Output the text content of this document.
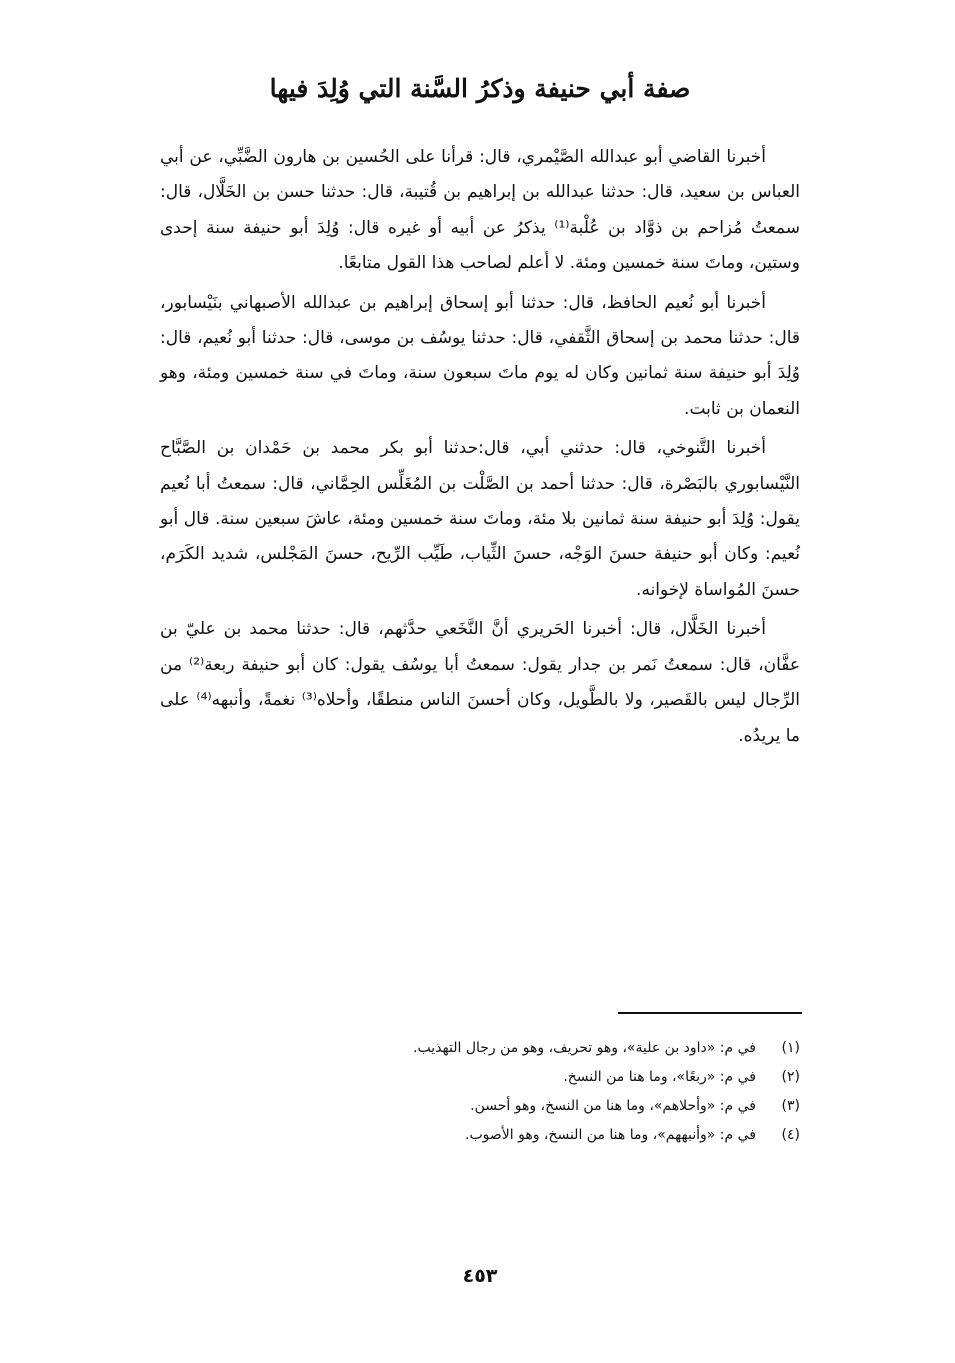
صفة أبي حنيفة وذكرُ السَّنة التي وُلِدَ فيها

أخبرنا القاضي أبو عبدالله الصَّيْمري، قال: قرأنا على الحُسين بن هارون الضَّبِّي، عن أبي العباس بن سعيد، قال: حدثنا عبدالله بن إبراهيم بن قُتيبة، قال: حدثنا حسن بن الخَلَّال، قال: سمعتُ مُزاحم بن ذوَّاد بن عُلْبة⁽¹⁾ يذكرُ عن أبيه أو غيره قال: وُلِدَ أبو حنيفة سنة إحدى وستين، وماتَ سنة خمسين ومئة. لا أعلم لصاحب هذا القول متابعًا.

أخبرنا أبو نُعيم الحافظ، قال: حدثنا أبو إسحاق إبراهيم بن عبدالله الأصبهاني بنَيْسابور، قال: حدثنا محمد بن إسحاق الثَّقفي، قال: حدثنا يوسُف بن موسى، قال: حدثنا أبو نُعيم، قال: وُلِدَ أبو حنيفة سنة ثمانين وكان له يوم ماتَ سبعون سنة، وماتَ في سنة خمسين ومئة، وهو النعمان بن ثابت.

أخبرنا التَّنوخي، قال: حدثني أبي، قال:حدثنا أبو بكر محمد بن حَمْدان بن الصَّبَّاح النَّيْسابوري بالبَصْرة، قال: حدثنا أحمد بن الصَّلْت بن المُغَلِّس الحِمَّاني، قال: سمعتُ أبا نُعيم يقول: وُلِدَ أبو حنيفة سنة ثمانين بلا مئة، وماتَ سنة خمسين ومئة، عاشَ سبعين سنة. قال أبو نُعيم: وكان أبو حنيفة حسنَ الوَجْه، حسنَ الثِّياب، طَيِّب الرِّيح، حسنَ المَجْلس، شديد الكَرَم، حسنَ المُواساة لإخوانه.

أخبرنا الخَلَّال، قال: أخبرنا الحَريري أنَّ النَّخَعي حدَّثهم، قال: حدثنا محمد بن عليّ بن عفَّان، قال: سمعتُ نَمر بن جدار يقول: سمعتُ أبا يوسُف يقول: كان أبو حنيفة ربعة⁽²⁾ من الرِّجال ليس بالقَصير، ولا بالطَّويل، وكان أحسنَ الناس منطقًا، وأحلاه⁽³⁾ نغمةً، وأنبهه⁽⁴⁾ على ما يريدُه.

(١)
في م: «داود بن علية»، وهو تحريف، وهو من رجال التهذيب.
(٢)
في م: «ربعًا»، وما هنا من النسخ.
(٣)
في م: «وأحلاهم»، وما هنا من النسخ، وهو أحسن.
(٤)
في م: «وأنبههم»، وما هنا من النسخ، وهو الأصوب.
٤٥٣
